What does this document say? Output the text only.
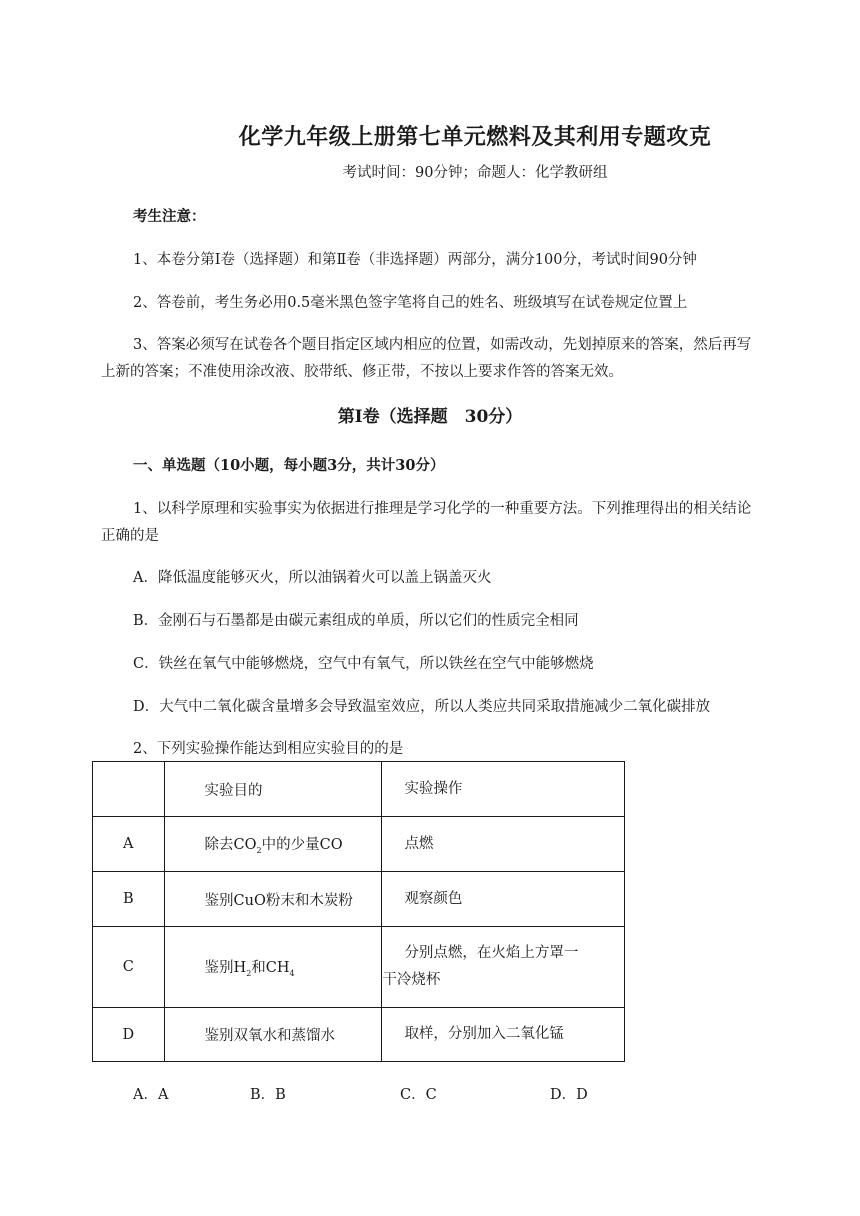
化学九年级上册第七单元燃料及其利用专题攻克
考试时间：90分钟；命题人：化学教研组
考生注意：
1、本卷分第Ⅰ卷（选择题）和第Ⅱ卷（非选择题）两部分，满分100分，考试时间90分钟
2、答卷前，考生务必用0.5毫米黑色签字笔将自己的姓名、班级填写在试卷规定位置上
3、答案必须写在试卷各个题目指定区域内相应的位置，如需改动，先划掉原来的答案，然后再写
上新的答案；不准使用涂改液、胶带纸、修正带，不按以上要求作答的答案无效。
第Ⅰ卷（选择题　30分）
一、单选题（10小题，每小题3分，共计30分）
1、以科学原理和实验事实为依据进行推理是学习化学的一种重要方法。下列推理得出的相关结论
正确的是
A．降低温度能够灭火，所以油锅着火可以盖上锅盖灭火
B．金刚石与石墨都是由碳元素组成的单质，所以它们的性质完全相同
C．铁丝在氧气中能够燃烧，空气中有氧气，所以铁丝在空气中能够燃烧
D．大气中二氧化碳含量增多会导致温室效应，所以人类应共同采取措施减少二氧化碳排放
2、下列实验操作能达到相应实验目的的是
	实验目的	实验操作
A	除去$CO_2$中的少量CO	点燃
B	鉴别CuO粉末和木炭粉	观察颜色
C	鉴别$H_2$和$CH_4$	分别点燃，在火焰上方罩一
干冷烧杯

D	鉴别双氧水和蒸馏水	取样，分别加入二氧化锰
A．A	B．B	C．C	D．D
